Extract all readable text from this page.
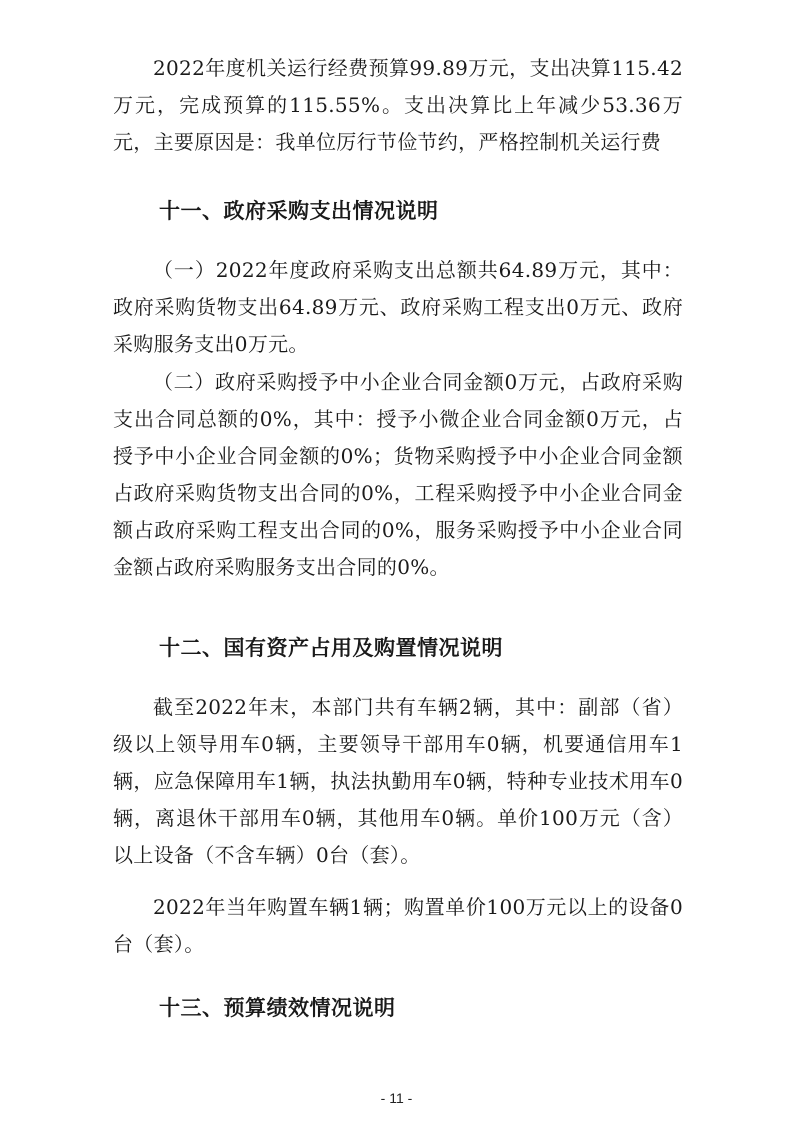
2022年度机关运行经费预算99.89万元，支出决算115.42万元，完成预算的115.55%。支出决算比上年减少53.36万元，主要原因是：我单位厉行节俭节约，严格控制机关运行费

十一、政府采购支出情况说明

（一）2022年度政府采购支出总额共64.89万元，其中：政府采购货物支出64.89万元、政府采购工程支出0万元、政府采购服务支出0万元。

（二）政府采购授予中小企业合同金额0万元，占政府采购支出合同总额的0%，其中：授予小微企业合同金额0万元，占授予中小企业合同金额的0%；货物采购授予中小企业合同金额占政府采购货物支出合同的0%，工程采购授予中小企业合同金额占政府采购工程支出合同的0%，服务采购授予中小企业合同金额占政府采购服务支出合同的0%。

十二、国有资产占用及购置情况说明

截至2022年末，本部门共有车辆2辆，其中：副部（省）级以上领导用车0辆，主要领导干部用车0辆，机要通信用车1辆，应急保障用车1辆，执法执勤用车0辆，特种专业技术用车0辆，离退休干部用车0辆，其他用车0辆。单价100万元（含）以上设备（不含车辆）0台（套）。

2022年当年购置车辆1辆；购置单价100万元以上的设备0台（套）。

十三、预算绩效情况说明
- 11 -
